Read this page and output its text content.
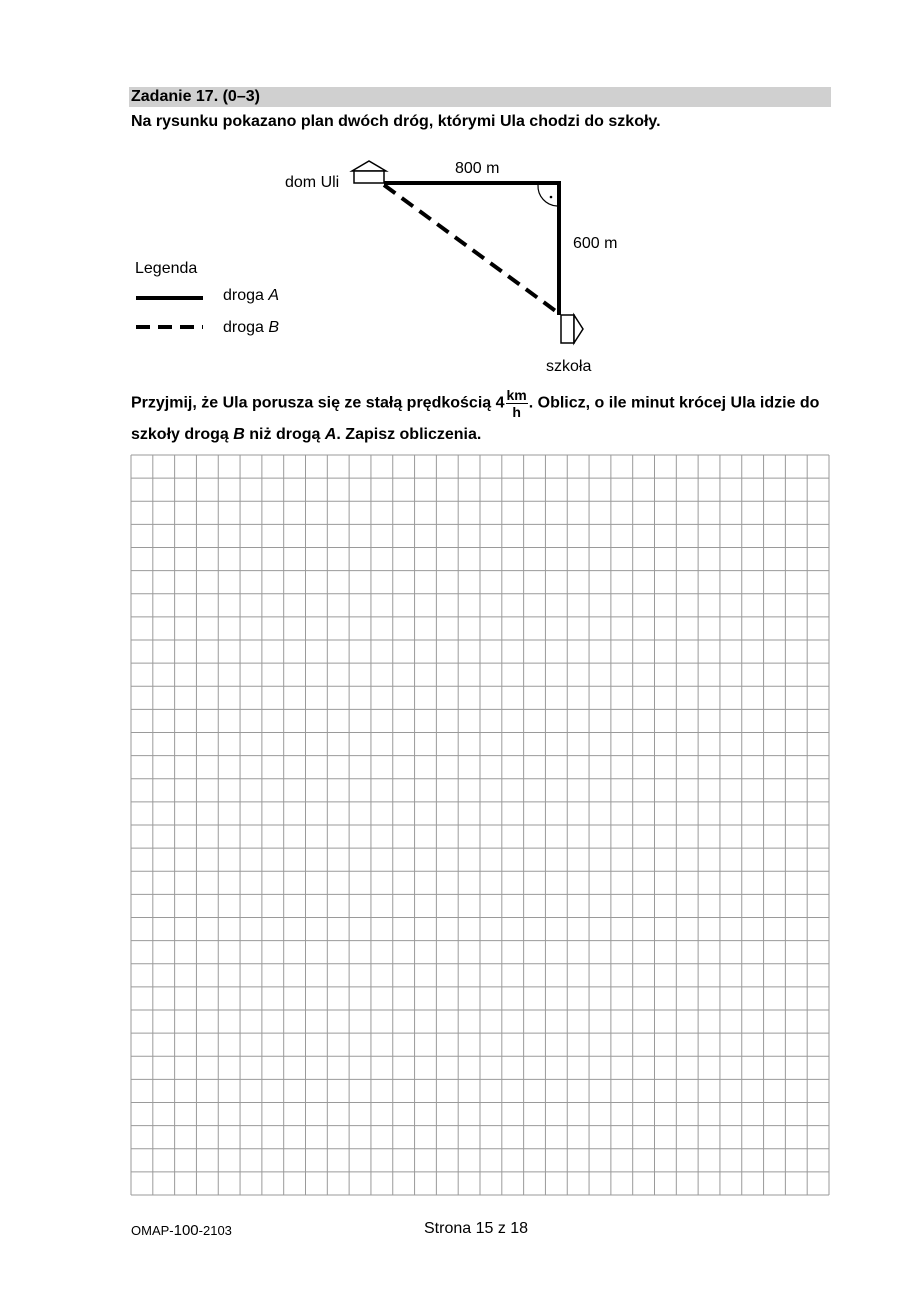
Zadanie 17. (0–3)
Na rysunku pokazano plan dwóch dróg, którymi Ula chodzi do szkoły.
dom Uli
800 m
600 m
szkoła
Legenda
droga A
droga B
Przyjmij, że Ula porusza się ze stałą prędkością $4 \frac{km}{h}$ . Oblicz, o ile minut krócej Ula idzie do szkoły drogą B niż drogą A. Zapisz obliczenia.
OMAP-100-2103	Strona 15 z 18
